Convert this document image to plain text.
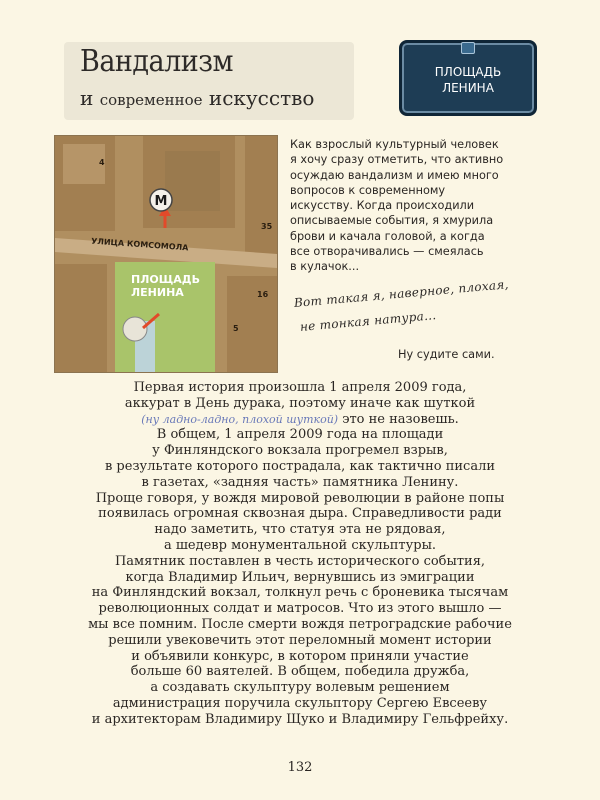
Вандализм
и современное искусство
ПЛОЩАДЬ
ЛЕНИНА
М
4
35
16
5
УЛИЦА КОМСОМОЛА
ПЛОЩАДЬ
ЛЕНИНА
Как взрослый культурный человек
я хочу сразу отметить, что активно
осуждаю вандализм и имею много
вопросов к современному
искусству. Когда происходили
описываемые события, я хмурила
брови и качала головой, а когда
все отворачивались — смеялась
в кулачок...
Вот такая я, наверное, плохая,
не тонкая натура...
Ну судите сами.
Первая история произошла 1 апреля 2009 года,
аккурат в День дурака, поэтому иначе как шуткой
(ну ладно-ладно, плохой шуткой) это не назовешь.
В общем, 1 апреля 2009 года на площади
у Финляндского вокзала прогремел взрыв,
в результате которого пострадала, как тактично писали
в газетах, «задняя часть» памятника Ленину.
Проще говоря, у вождя мировой революции в районе попы
появилась огромная сквозная дыра. Справедливости ради
надо заметить, что статуя эта не рядовая,
а шедевр монументальной скульптуры.
Памятник поставлен в честь исторического события,
когда Владимир Ильич, вернувшись из эмиграции
на Финляндский вокзал, толкнул речь с броневика тысячам
революционных солдат и матросов. Что из этого вышло —
мы все помним. После смерти вождя петроградские рабочие
решили увековечить этот переломный момент истории
и объявили конкурс, в котором приняли участие
больше 60 ваятелей. В общем, победила дружба,
а создавать скульптуру волевым решением
администрация поручила скульптору Сергею Евсееву
и архитекторам Владимиру Щуко и Владимиру Гельфрейху.
132
